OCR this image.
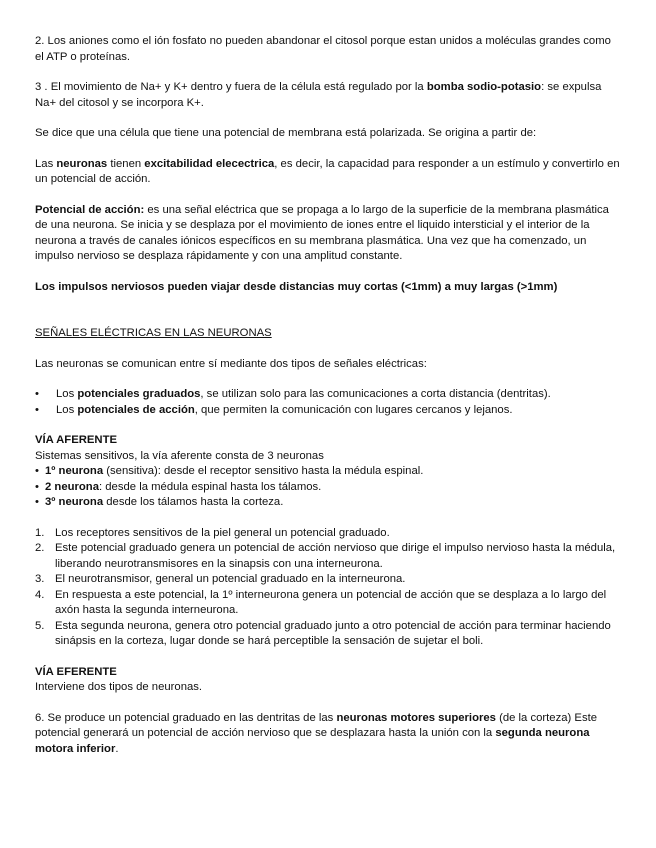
2. Los aniones como el ión fosfato no pueden abandonar el citosol porque estan unidos a moléculas grandes como el ATP o proteínas.

3 . El movimiento de Na+ y K+ dentro y fuera de la célula está regulado por la bomba sodio-potasio: se expulsa Na+ del citosol y se incorpora K+.

Se dice que una célula que tiene una potencial de membrana está polarizada. Se origina a partir de:

Las neuronas tienen excitabilidad elecectrica, es decir, la capacidad para responder a un estímulo y convertirlo en un potencial de acción.

Potencial de acción: es una señal eléctrica que se propaga a lo largo de la superficie de la membrana plasmática de una neurona. Se inicia y se desplaza por el movimiento de iones entre el liquido intersticial y el interior de la neurona a través de canales iónicos específicos en su membrana plasmática. Una vez que ha comenzado, un impulso nervioso se desplaza rápidamente y con una amplitud constante.

Los impulsos nerviosos pueden viajar desde distancias muy cortas (<1mm) a muy largas (>1mm)

SEÑALES ELÉCTRICAS EN LAS NEURONAS

Las neuronas se comunican entre sí mediante dos tipos de señales eléctricas:

•	Los potenciales graduados, se utilizan solo para las comunicaciones a corta distancia (dentritas).
•	Los potenciales de acción, que permiten la comunicación con lugares cercanos y lejanos.

VÍA AFERENTE

Sistemas sensitivos, la vía aferente consta de 3 neuronas

• 1º neurona (sensitiva): desde el receptor sensitivo hasta la médula espinal.
• 2 neurona: desde la médula espinal hasta los tálamos.
• 3º neurona desde los tálamos hasta la corteza.
1. Los receptores sensitivos de la piel general un potencial graduado.
2. Este potencial graduado genera un potencial de acción nervioso que dirige el impulso nervioso hasta la médula, liberando neurotransmisores en la sinapsis con una interneurona.
3. El neurotransmisor, general un potencial graduado en la interneurona.
4. En respuesta a este potencial, la 1º interneurona genera un potencial de acción que se desplaza a lo largo del axón hasta la segunda interneurona.
5. Esta segunda neurona, genera otro potencial graduado junto a otro potencial de acción para terminar haciendo sinápsis en la corteza, lugar donde se hará perceptible la sensación de sujetar el boli.

VÍA EFERENTE

Interviene dos tipos de neuronas.

6. Se produce un potencial graduado en las dentritas de las neuronas motores superiores (de la corteza) Este potencial generará un potencial de acción nervioso que se desplazara hasta la unión con la segunda neurona motora inferior.
